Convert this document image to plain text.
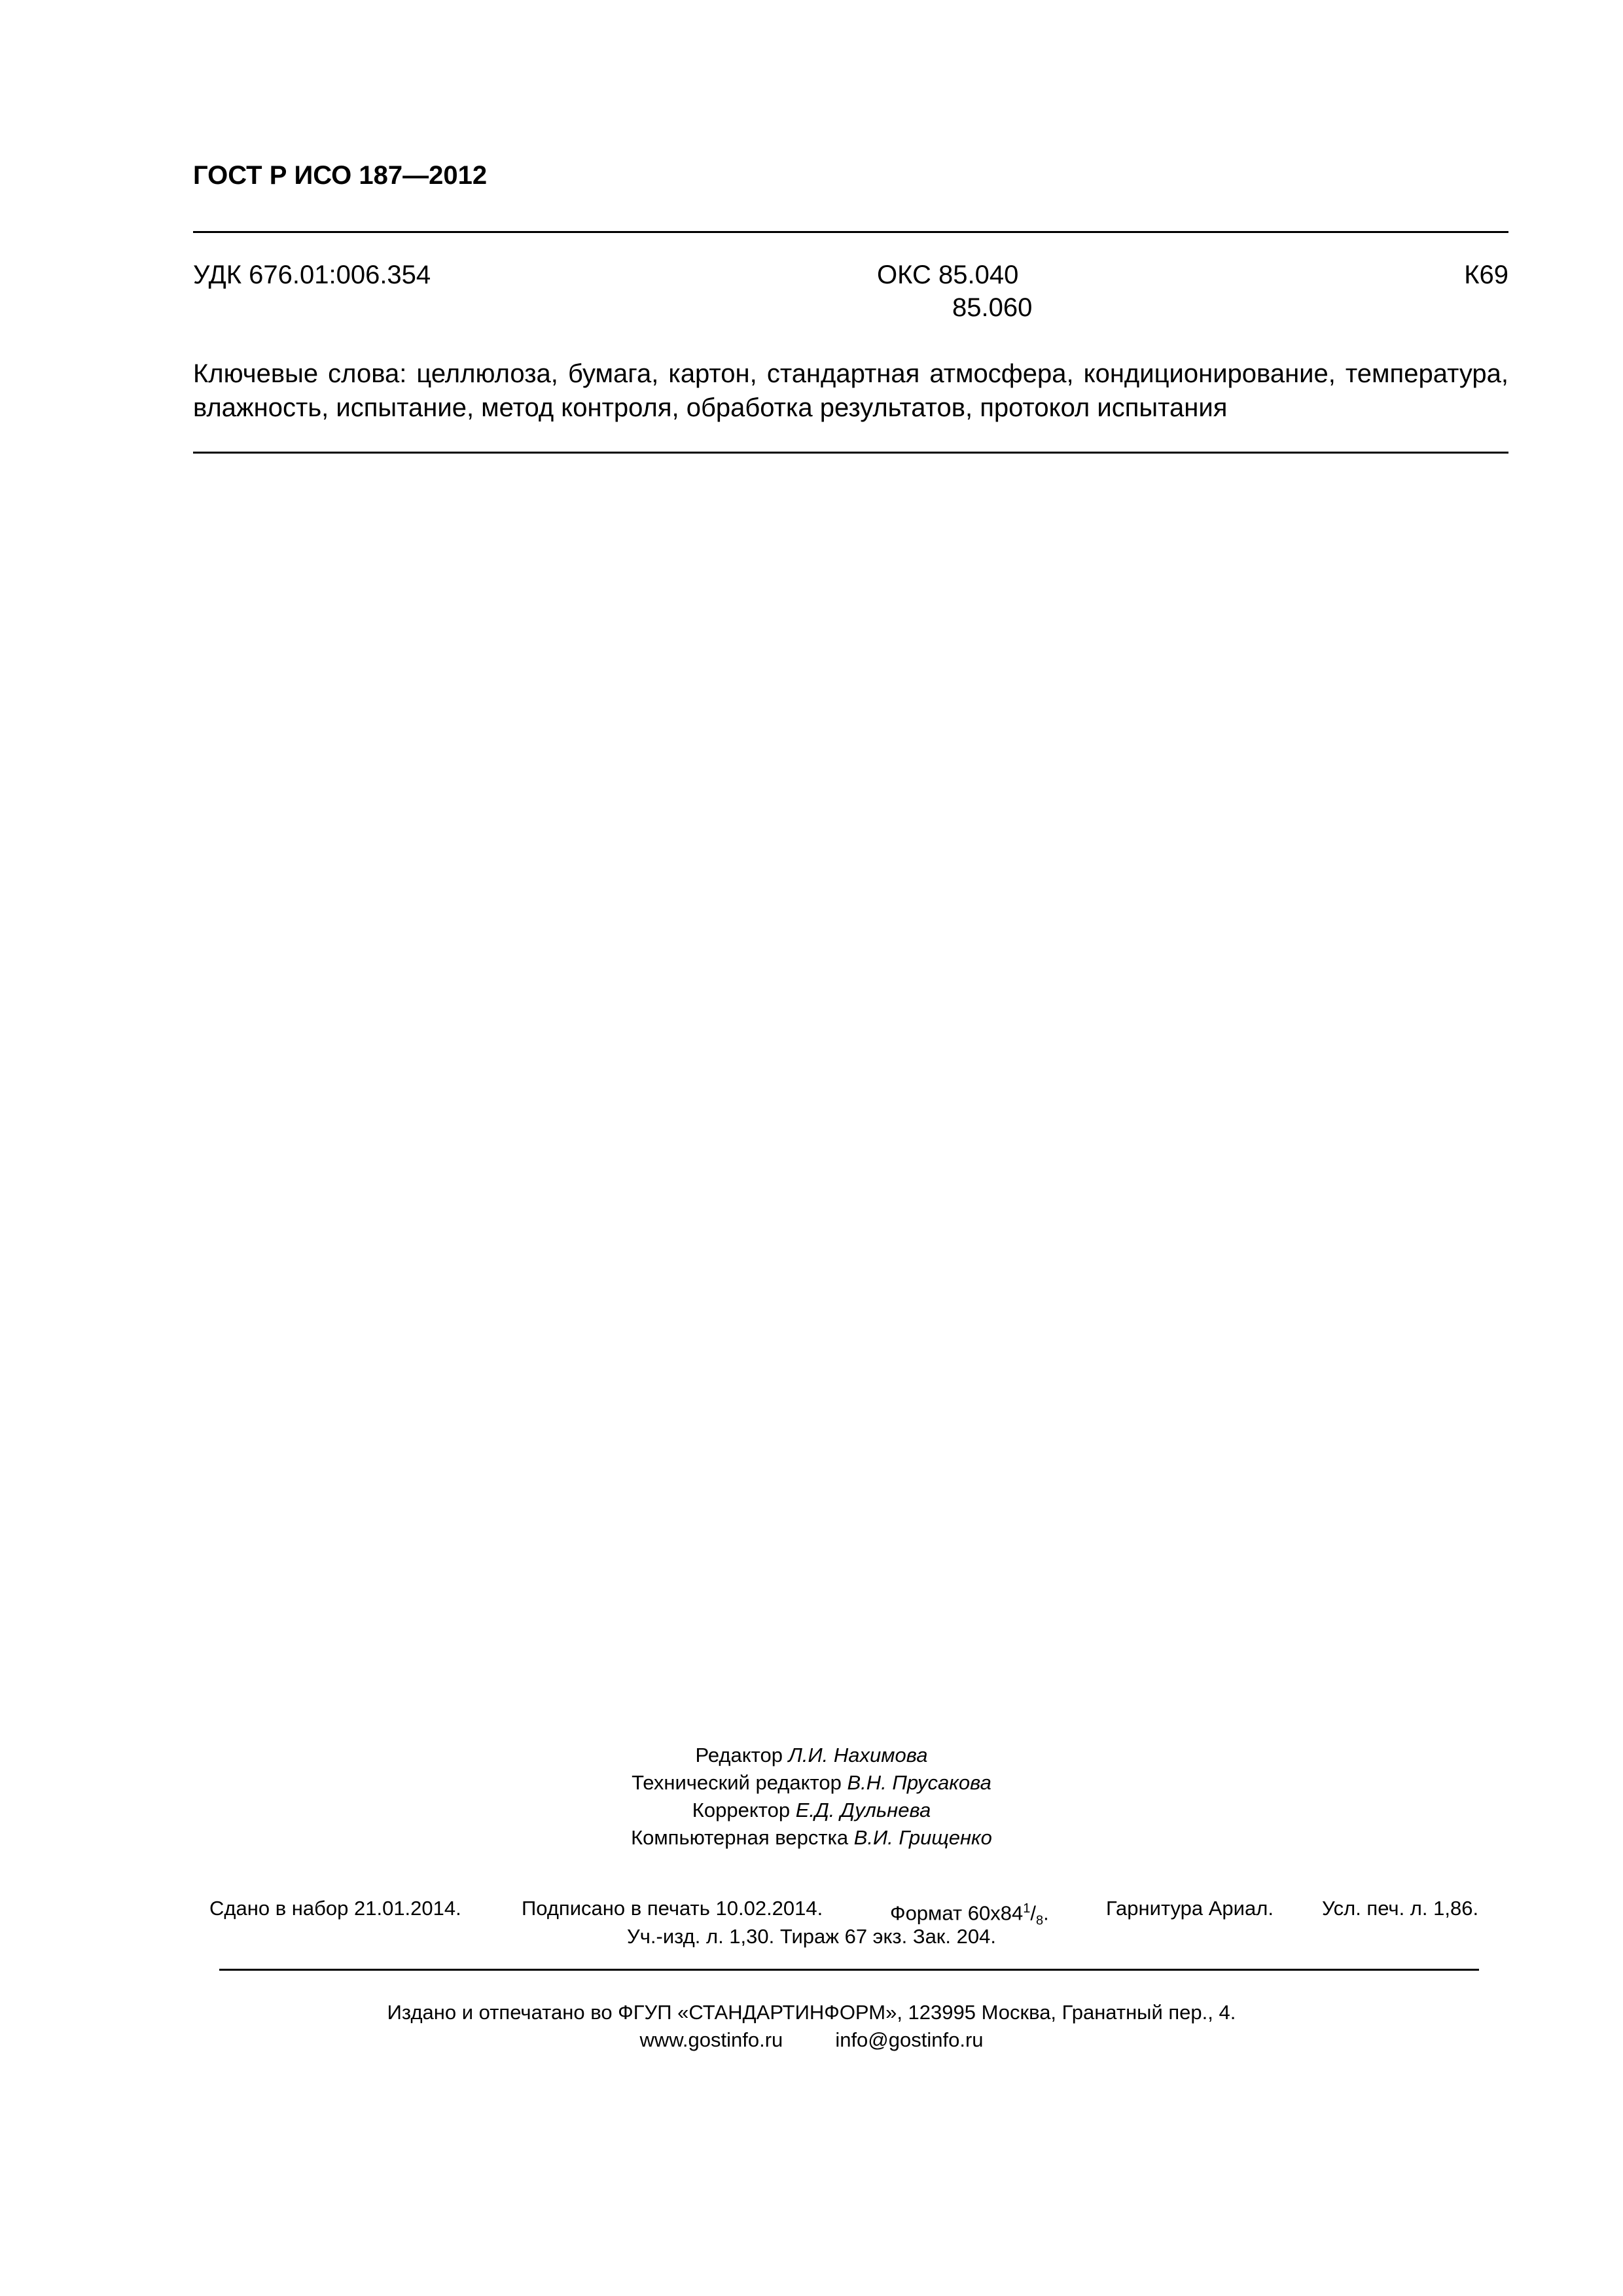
ГОСТ Р ИСО 187—2012
УДК 676.01:006.354	ОКС 85.040
85.060
К69
Ключевые слова: целлюлоза, бумага, картон, стандартная атмосфера, кондиционирование, температура, влажность, испытание, метод контроля, обработка результатов, протокол испытания
Редактор Л.И. Нахимова
Технический редактор В.Н. Прусакова
Корректор Е.Д. Дульнева
Компьютерная верстка В.И. Грищенко
Сдано в набор 21.01.2014.	Подписано в печать 10.02.2014.	Формат $60x84^1/_8$.	Гарнитура Ариал. Усл. печ. л. 1,86.
Уч.-изд. л. 1,30. Тираж 67 экз. Зак. 204.
Издано и отпечатано во ФГУП «СТАНДАРТИНФОРМ», 123995 Москва, Гранатный пер., 4.
www.gostinfo.ru	info@gostinfo.ru
